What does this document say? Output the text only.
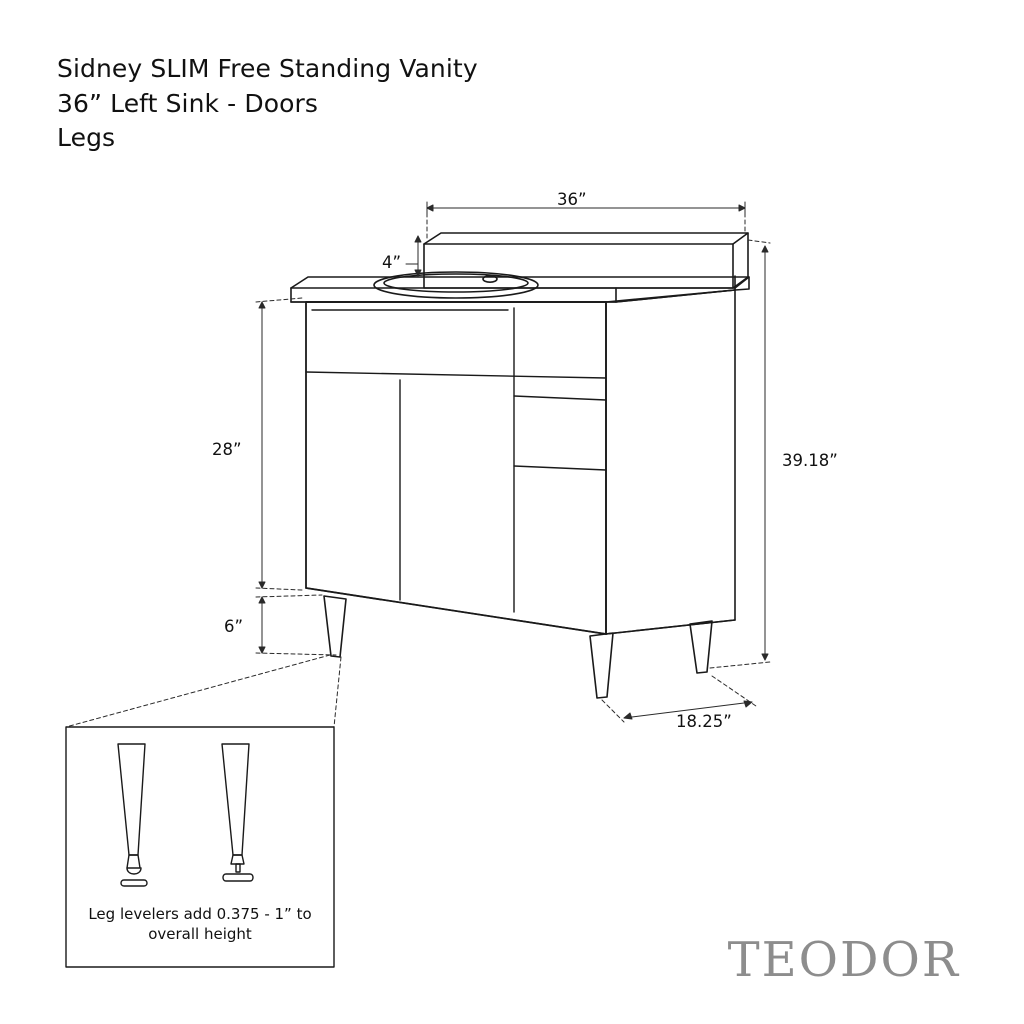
Sidney SLIM Free Standing Vanity
36” Left Sink - Doors
Legs
36”
4”
28”
6”
39.18”
18.25”
Leg levelers add 0.375 - 1” to
overall height	TEODOR
